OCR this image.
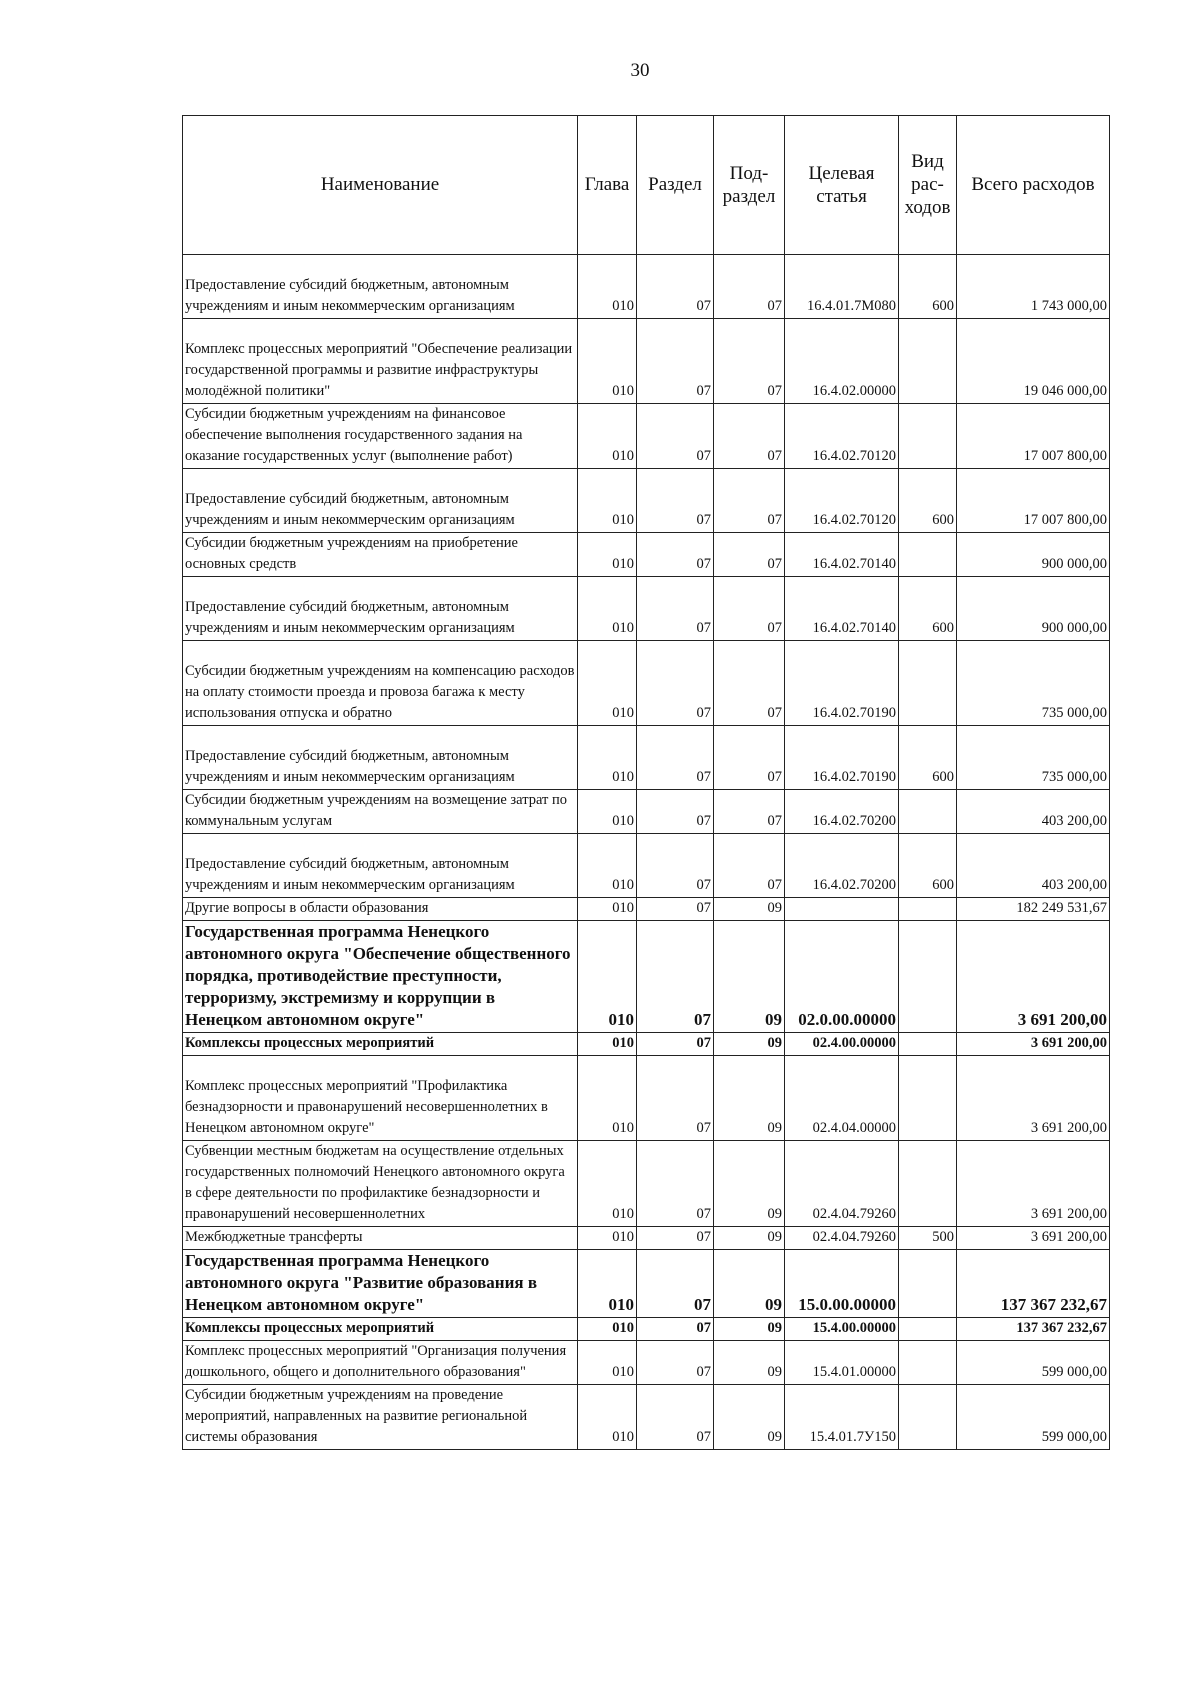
30
Наименование	Глава	Раздел	Под-раздел	Целевая статья	Вид рас-ходов	Всего расходов
Предоставление субсидий бюджетным, автономным учреждениям и иным некоммерческим организациям	010	07	07	16.4.01.7М080	600	1 743 000,00
Комплекс процессных мероприятий "Обеспечение реализации государственной программы и развитие инфраструктуры молодёжной политики"	010	07	07	16.4.02.00000		19 046 000,00
Субсидии бюджетным учреждениям на финансовое обеспечение выполнения государственного задания на оказание государственных услуг (выполнение работ)	010	07	07	16.4.02.70120		17 007 800,00
Предоставление субсидий бюджетным, автономным учреждениям и иным некоммерческим организациям	010	07	07	16.4.02.70120	600	17 007 800,00
Субсидии бюджетным учреждениям на приобретение основных средств	010	07	07	16.4.02.70140		900 000,00
Предоставление субсидий бюджетным, автономным учреждениям и иным некоммерческим организациям	010	07	07	16.4.02.70140	600	900 000,00
Субсидии бюджетным учреждениям на компенсацию расходов на оплату стоимости проезда и провоза багажа к месту использования отпуска и обратно	010	07	07	16.4.02.70190		735 000,00
Предоставление субсидий бюджетным, автономным учреждениям и иным некоммерческим организациям	010	07	07	16.4.02.70190	600	735 000,00
Субсидии бюджетным учреждениям на возмещение затрат по коммунальным услугам	010	07	07	16.4.02.70200		403 200,00
Предоставление субсидий бюджетным, автономным учреждениям и иным некоммерческим организациям	010	07	07	16.4.02.70200	600	403 200,00
Другие вопросы в области образования	010	07	09			182 249 531,67
Государственная программа Ненецкого автономного округа "Обеспечение общественного порядка, противодействие преступности, терроризму, экстремизму и коррупции в Ненецком автономном округе"	010	07	09	02.0.00.00000		3 691 200,00
Комплексы процессных мероприятий	010	07	09	02.4.00.00000		3 691 200,00
Комплекс процессных мероприятий "Профилактика безнадзорности и правонарушений несовершеннолетних в Ненецком автономном округе"	010	07	09	02.4.04.00000		3 691 200,00
Субвенции местным бюджетам на осуществление отдельных государственных полномочий Ненецкого автономного округа в сфере деятельности по профилактике безнадзорности и правонарушений несовершеннолетних	010	07	09	02.4.04.79260		3 691 200,00
Межбюджетные трансферты	010	07	09	02.4.04.79260	500	3 691 200,00
Государственная программа Ненецкого автономного округа "Развитие образования в Ненецком автономном округе"	010	07	09	15.0.00.00000		137 367 232,67
Комплексы процессных мероприятий	010	07	09	15.4.00.00000		137 367 232,67
Комплекс процессных мероприятий "Организация получения дошкольного, общего и дополнительного образования"	010	07	09	15.4.01.00000		599 000,00
Субсидии бюджетным учреждениям на проведение мероприятий, направленных на развитие региональной системы образования	010	07	09	15.4.01.7У150		599 000,00
